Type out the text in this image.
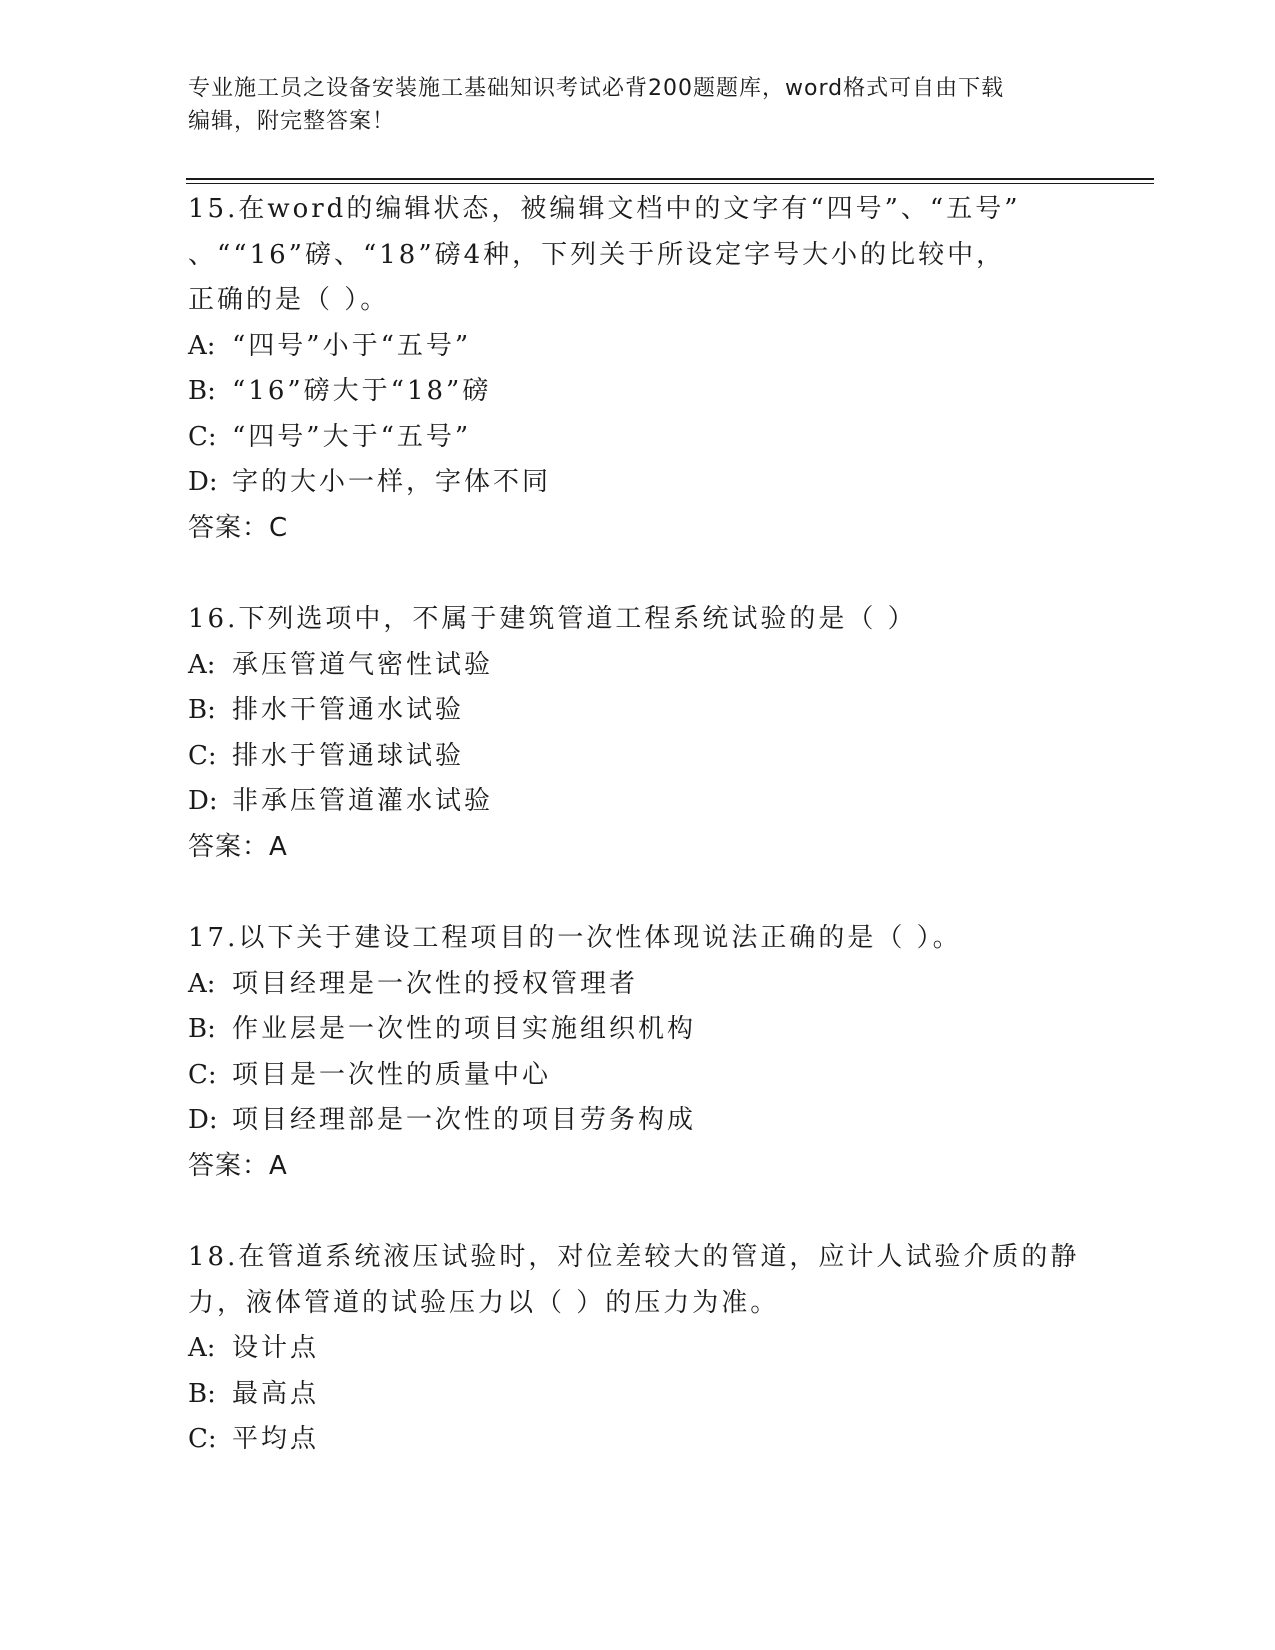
专业施工员之设备安装施工基础知识考试必背200题题库，word格式可自由下载
编辑，附完整答案！
15.在word的编辑状态，被编辑文档中的文字有“四号”、“五号”
、““16”磅、“18”磅4种，下列关于所设定字号大小的比较中，
正确的是（ ）。
A: “四号”小于“五号”
B: “16”磅大于“18”磅
C: “四号”大于“五号”
D: 字的大小一样，字体不同
答案：C
16.下列选项中，不属于建筑管道工程系统试验的是（ ）
A: 承压管道气密性试验
B: 排水干管通水试验
C: 排水于管通球试验
D: 非承压管道灌水试验
答案：A
17.以下关于建设工程项目的一次性体现说法正确的是（ ）。
A: 项目经理是一次性的授权管理者
B: 作业层是一次性的项目实施组织机构
C: 项目是一次性的质量中心
D: 项目经理部是一次性的项目劳务构成
答案：A
18.在管道系统液压试验时，对位差较大的管道，应计人试验介质的静
力，液体管道的试验压力以（ ）的压力为准。
A: 设计点
B: 最高点
C: 平均点
